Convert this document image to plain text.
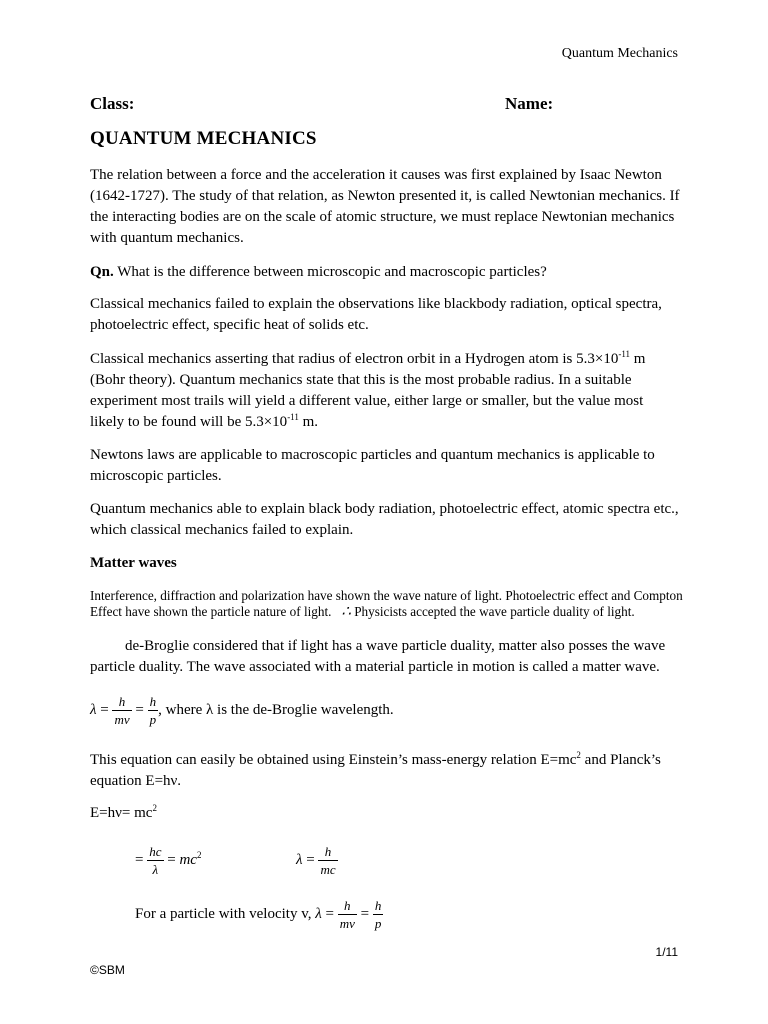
Quantum Mechanics
Class:	Name:
QUANTUM MECHANICS
The relation between a force and the acceleration it causes was first explained by Isaac Newton (1642-1727). The study of that relation, as Newton presented it, is called Newtonian mechanics. If the interacting bodies are on the scale of atomic structure, we must replace Newtonian mechanics with quantum mechanics.
Qn. What is the difference between microscopic and macroscopic particles?
Classical mechanics failed to explain the observations like blackbody radiation, optical spectra, photoelectric effect, specific heat of solids etc.
Classical mechanics asserting that radius of electron orbit in a Hydrogen atom is $5.3\times 10^{-11}$ m (Bohr theory). Quantum mechanics state that this is the most probable radius. In a suitable experiment most trails will yield a different value, either large or smaller, but the value most likely to be found will be $5.3\times 10^{-11}$ m.
Newtons laws are applicable to macroscopic particles and quantum mechanics is applicable to microscopic particles.
Quantum mechanics able to explain black body radiation, photoelectric effect, atomic spectra etc., which classical mechanics failed to explain.
Matter waves
Interference, diffraction and polarization have shown the wave nature of light. Photoelectric effect and Compton Effect have shown the particle nature of light. ∴ Physicists accepted the wave particle duality of light.
de-Broglie considered that if light has a wave particle duality, matter also posses the wave particle duality. The wave associated with a material particle in motion is called a matter wave.
$\lambda = \frac{h}{mv} = \frac{h}{p}$ , where λ is the de-Broglie wavelength.
This equation can easily be obtained using Einstein’s mass-energy relation $E=mc^2$ and Planck’s equation E=hν.
$E=h\nu= mc^2$
= $\frac{hc}{\lambda} = mc^2$	$\lambda = \frac{h}{mc}$
For a particle with velocity v, $\lambda = \frac{h}{mv} = \frac{h}{p}$
1/11
©SBM
